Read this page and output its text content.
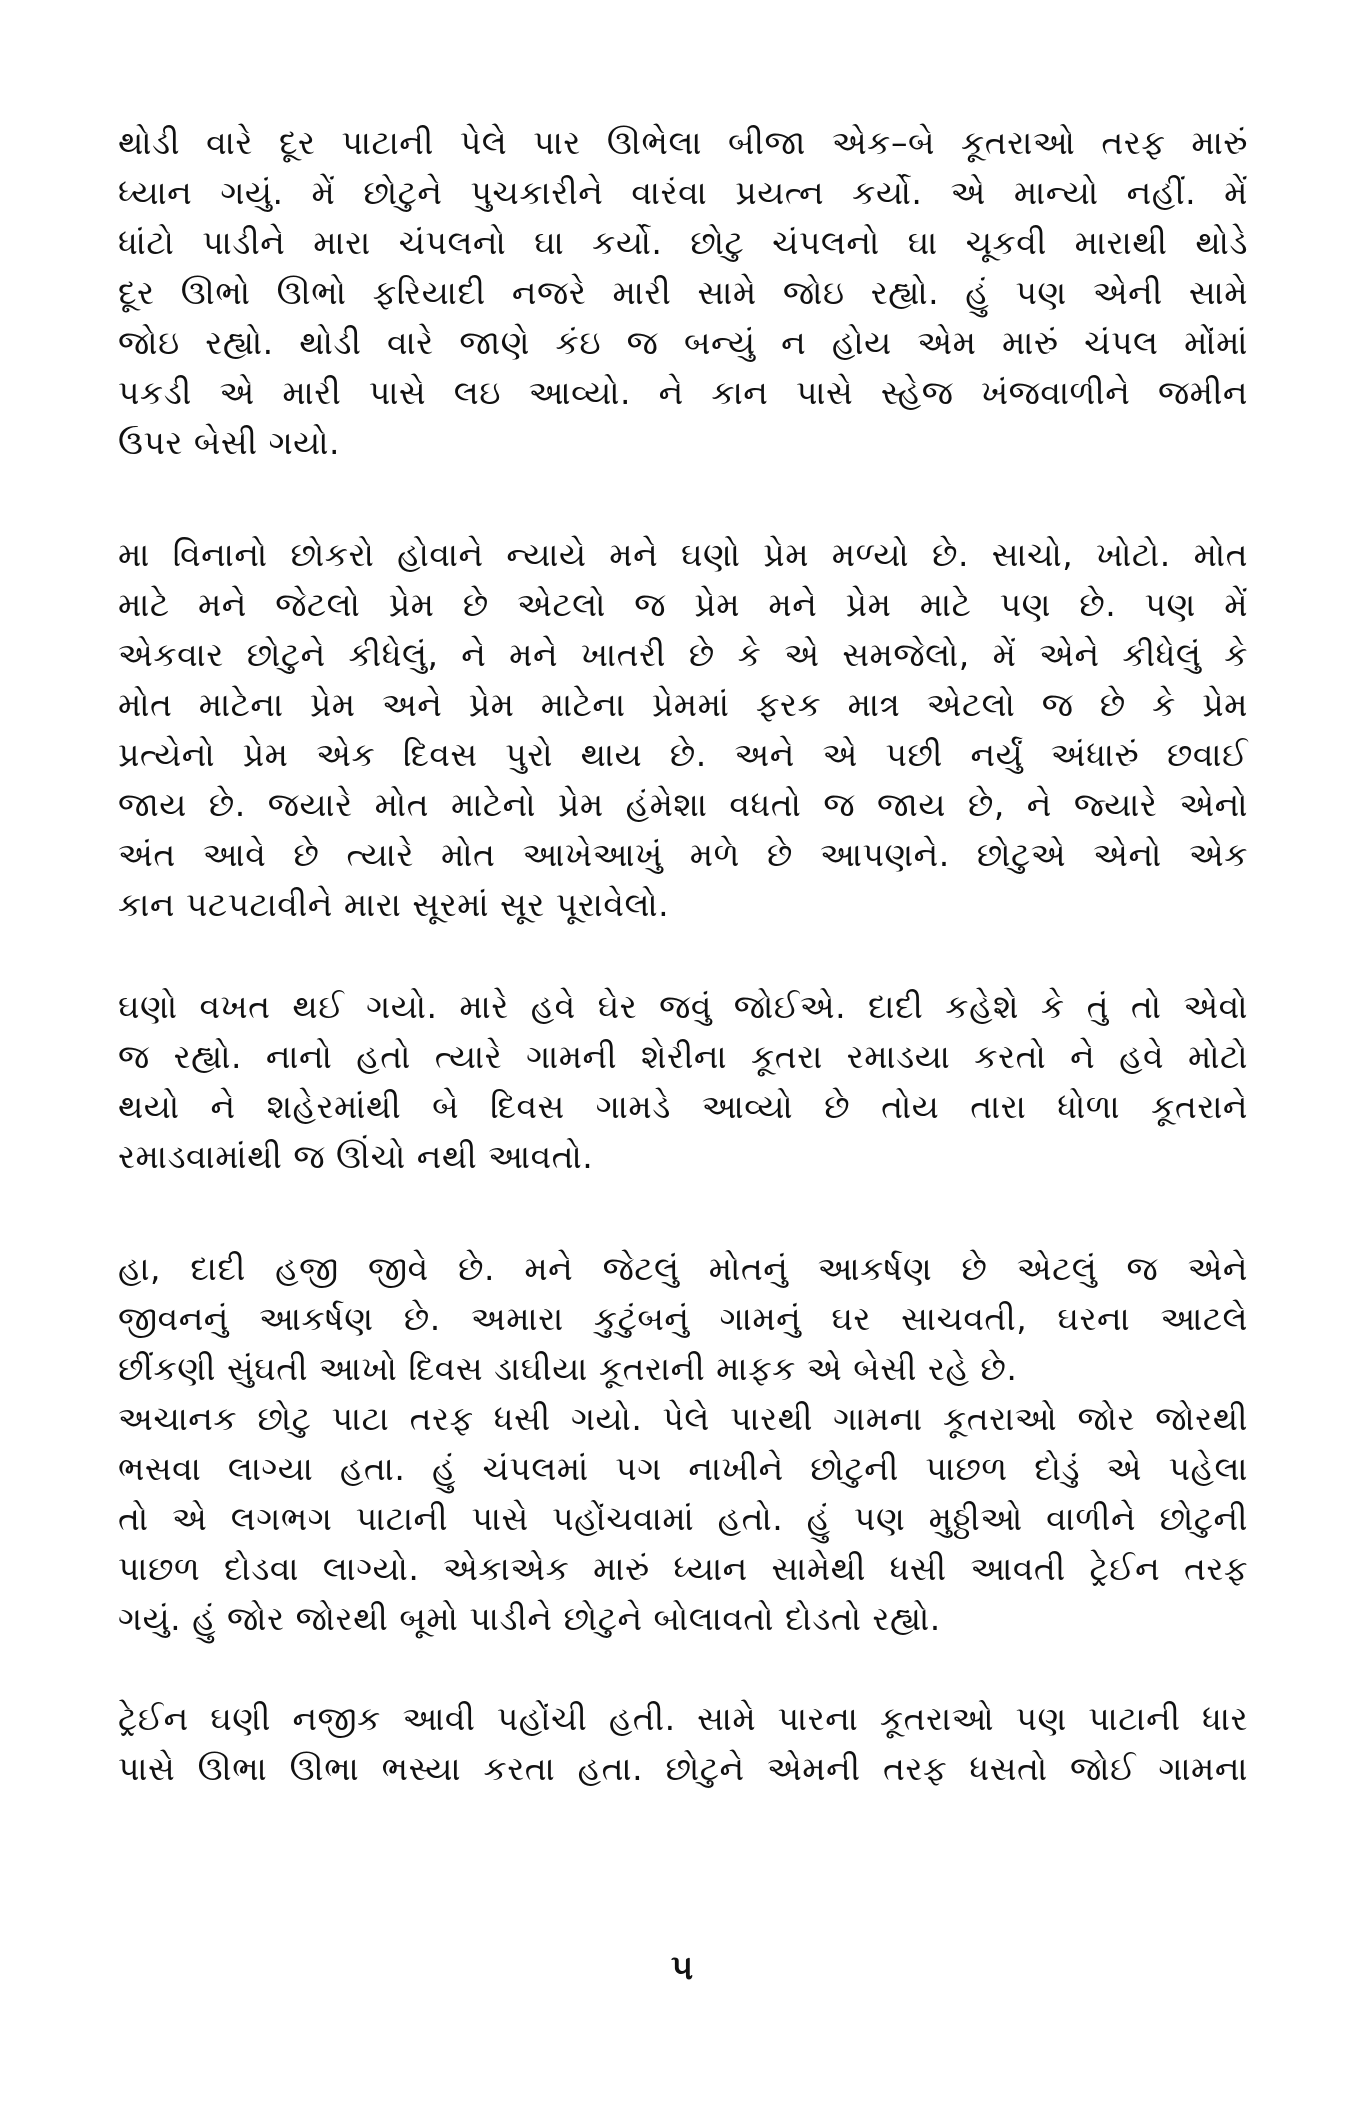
થોડી વારે દૂર પાટાની પેલે પાર ઊભેલા બીજા એક–બે કૂતરાઓ તરફ મારું
ધ્યાન ગયું. મેં છોટુને પુચકારીને વારંવા પ્રયત્ન કર્યો. એ માન્યો નહીં. મેં
ધાંટો પાડીને મારા ચંપલનો ઘા કર્યો. છોટુ ચંપલનો ઘા ચૂકવી મારાથી થોડે
દૂર ઊભો ઊભો ફરિયાદી નજરે મારી સામે જોઇ રહ્યો. હું પણ એની સામે
જોઇ રહ્યો. થોડી વારે જાણે કંઇ જ બન્યું ન હોય એમ મારું ચંપલ મોંમાં
પકડી એ મારી પાસે લઇ આવ્યો. ને કાન પાસે સ્હેજ ખંજવાળીને જમીન
ઉપર બેસી ગયો.
મા વિનાનો છોકરો હોવાને ન્યાયે મને ઘણો પ્રેમ મળ્યો છે. સાચો, ખોટો. મોત
માટે મને જેટલો પ્રેમ છે એટલો જ પ્રેમ મને પ્રેમ માટે પણ છે. પણ મેં
એકવાર છોટુને કીધેલું, ને મને ખાતરી છે કે એ સમજેલો, મેં એને કીધેલું કે
મોત માટેના પ્રેમ અને પ્રેમ માટેના પ્રેમમાં ફરક માત્ર એટલો જ છે કે પ્રેમ
પ્રત્યેનો પ્રેમ એક દિવસ પુરો થાય છે. અને એ પછી નર્યું અંધારું છવાઈ
જાય છે. જયારે મોત માટેનો પ્રેમ હંમેશા વધતો જ જાય છે, ને જ્યારે એનો
અંત આવે છે ત્યારે મોત આખેઆખું મળે છે આપણને. છોટુએ એનો એક
કાન પટપટાવીને મારા સૂરમાં સૂર પૂરાવેલો.
ઘણો વખત થઈ ગયો. મારે હવે ઘેર જવું જોઈએ. દાદી કહેશે કે તું તો એવો
જ રહ્યો. નાનો હતો ત્યારે ગામની શેરીના કૂતરા રમાડયા કરતો ને હવે મોટો
થયો ને શહેરમાંથી બે દિવસ ગામડે આવ્યો છે તોય તારા ધોળા કૂતરાને
રમાડવામાંથી જ ઊંચો નથી આવતો.
હા, દાદી હજી જીવે છે. મને જેટલું મોતનું આકર્ષણ છે એટલું જ એને
જીવનનું આકર્ષણ છે. અમારા કુટુંબનું ગામનું ઘર સાચવતી, ઘરના આટલે
છીંકણી સુંઘતી આખો દિવસ ડાઘીયા કૂતરાની માફક એ બેસી રહે છે.
અચાનક છોટુ પાટા તરફ ધસી ગયો. પેલે પારથી ગામના કૂતરાઓ જોર જોરથી
ભસવા લાગ્યા હતા. હું ચંપલમાં પગ નાખીને છોટુની પાછળ દોડું એ પહેલા
તો એ લગભગ પાટાની પાસે પહોંચવામાં હતો. હું પણ મુઠ્ઠીઓ વાળીને છોટુની
પાછળ દોડવા લાગ્યો. એકાએક મારું ધ્યાન સામેથી ધસી આવતી ટ્રેઈન તરફ
ગયું. હું જોર જોરથી બૂમો પાડીને છોટુને બોલાવતો દોડતો રહ્યો.
ટ્રેઈન ઘણી નજીક આવી પહોંચી હતી. સામે પારના કૂતરાઓ પણ પાટાની ધાર
પાસે ઊભા ઊભા ભસ્યા કરતા હતા. છોટુને એમની તરફ ધસતો જોઈ ગામના
૫
